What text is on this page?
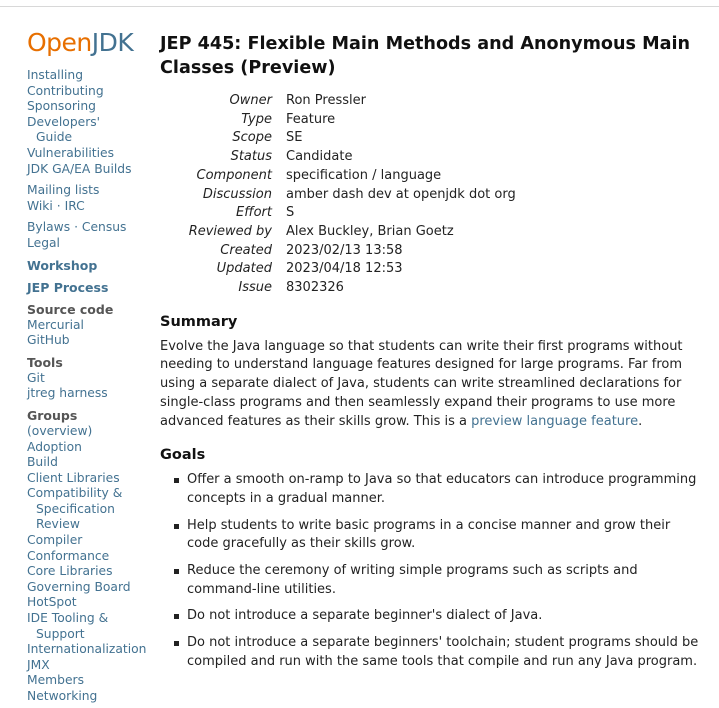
OpenJDK
Installing
Contributing
Sponsoring
Developers'
Guide
Vulnerabilities
JDK GA/EA Builds
Mailing lists
Wiki · IRC
Bylaws · Census
Legal
Workshop
JEP Process
Source code
Mercurial
GitHub
Tools
Git
jtreg harness
Groups
(overview)
Adoption
Build
Client Libraries
Compatibility &
Specification
Review
Compiler
Conformance
Core Libraries
Governing Board
HotSpot
IDE Tooling &
Support
Internationalization
JMX
Members
Networking
JEP 445: Flexible Main Methods and Anonymous Main Classes (Preview)
Owner	Ron Pressler
Type	Feature
Scope	SE
Status	Candidate
Component	specification / language
Discussion	amber dash dev at openjdk dot org
Effort	S
Reviewed by	Alex Buckley, Brian Goetz
Created	2023/02/13 13:58
Updated	2023/04/18 12:53
Issue	8302326
Summary

Evolve the Java language so that students can write their first programs without needing to understand language features designed for large programs. Far from using a separate dialect of Java, students can write streamlined declarations for single-class programs and then seamlessly expand their programs to use more advanced features as their skills grow. This is a preview language feature.

Goals
Offer a smooth on-ramp to Java so that educators can introduce programming concepts in a gradual manner.
Help students to write basic programs in a concise manner and grow their code gracefully as their skills grow.
Reduce the ceremony of writing simple programs such as scripts and command-line utilities.
Do not introduce a separate beginner's dialect of Java.
Do not introduce a separate beginners' toolchain; student programs should be compiled and run with the same tools that compile and run any Java program.
